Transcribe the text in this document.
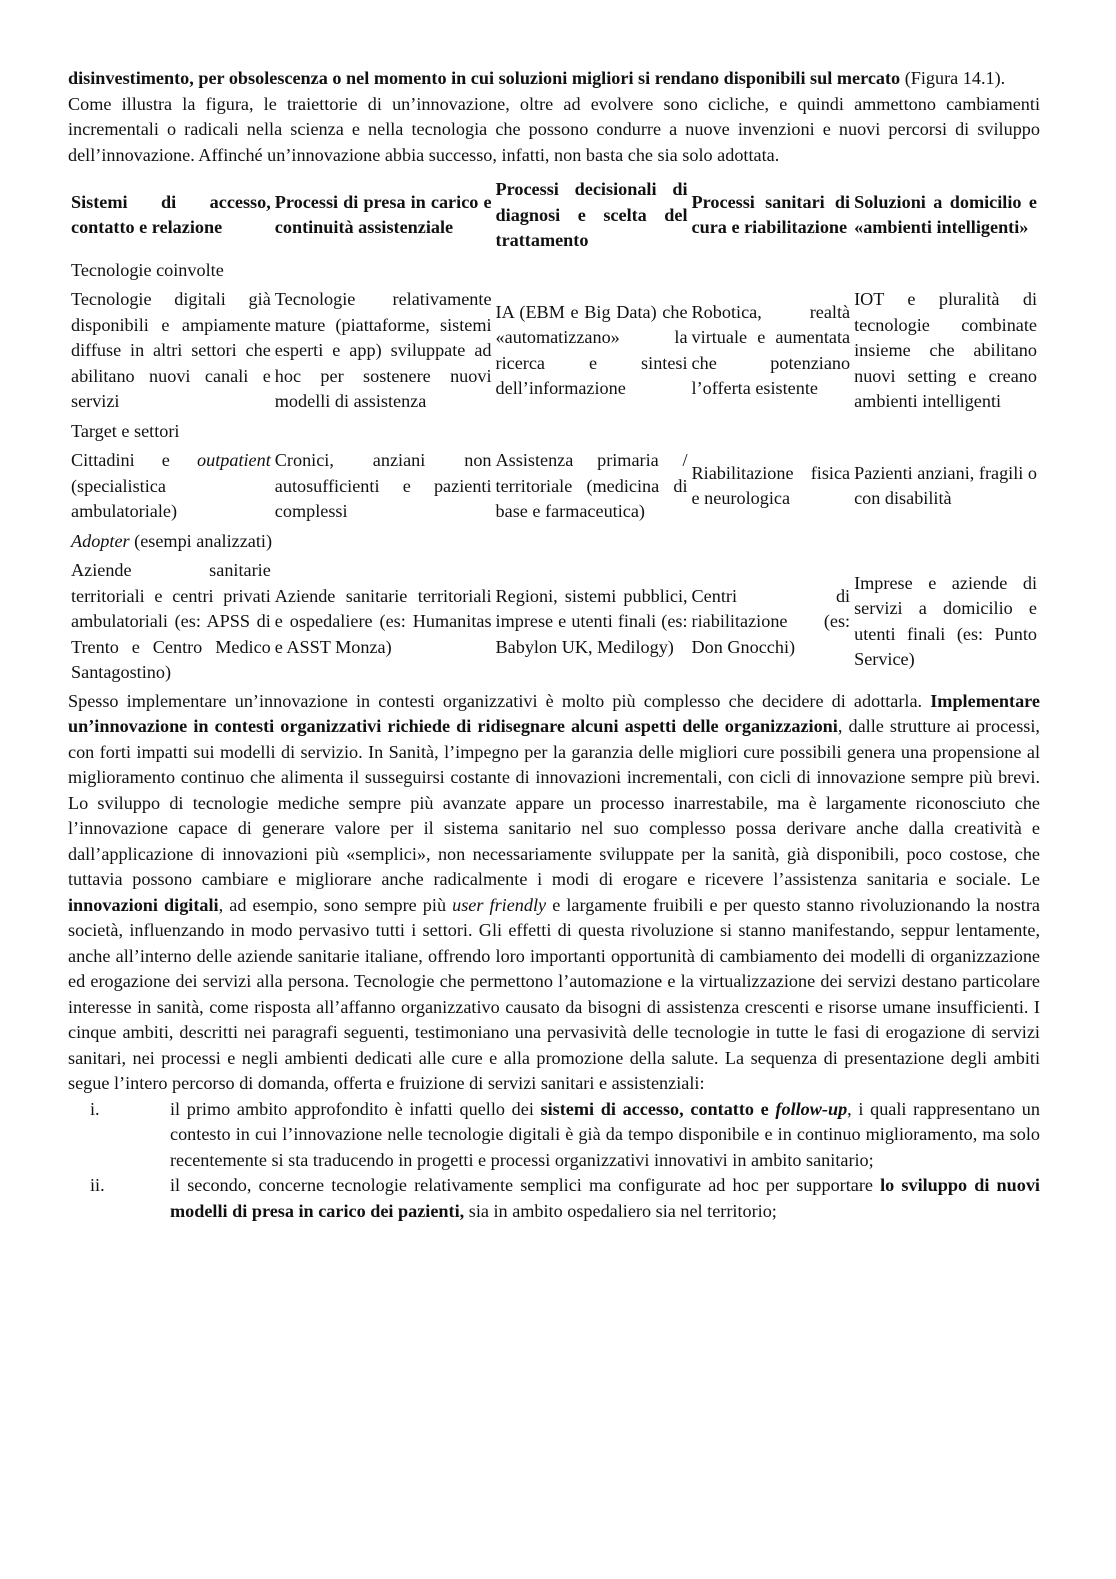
disinvestimento, per obsolescenza o nel momento in cui soluzioni migliori si rendano disponibili sul mercato (Figura 14.1).

Come illustra la figura, le traiettorie di un’innovazione, oltre ad evolvere sono cicliche, e quindi ammettono cambiamenti incrementali o radicali nella scienza e nella tecnologia che possono condurre a nuove invenzioni e nuovi percorsi di sviluppo dell’innovazione. Affinché un’innovazione abbia successo, infatti, non basta che sia solo adottata.

Sistemi di accesso, contatto e relazione	Processi di presa in carico e continuità assistenziale	Processi decisionali di diagnosi e scelta del trattamento	Processi sanitari di cura e riabilitazione	Soluzioni a domicilio e «ambienti intelligenti»
Tecnologie coinvolte				
Tecnologie digitali già disponibili e ampiamente diffuse in altri settori che abilitano nuovi canali e servizi	Tecnologie relativamente mature (piattaforme, sistemi esperti e app) sviluppate ad hoc per sostenere nuovi modelli di assistenza	IA (EBM e Big Data) che «automatizzano» la ricerca e sintesi dell’informazione	Robotica, realtà virtuale e aumentata che potenziano l’offerta esistente	IOT e pluralità di tecnologie combinate insieme che abilitano nuovi setting e creano ambienti intelligenti
Target e settori				
Cittadini e outpatient (specialistica ambulatoriale)	Cronici, anziani non autosufficienti e pazienti complessi	Assistenza primaria / territoriale (medicina di base e farmaceutica)	Riabilitazione fisica e neurologica	Pazienti anziani, fragili o con disabilità
Adopter (esempi analizzati)				
Aziende sanitarie territoriali e centri privati ambulatoriali (es: APSS di Trento e Centro Medico Santagostino)	Aziende sanitarie territoriali e ospedaliere (es: Humanitas e ASST Monza)	Regioni, sistemi pubblici, imprese e utenti finali (es: Babylon UK, Medilogy)	Centri di riabilitazione (es: Don Gnocchi)	Imprese e aziende di servizi a domicilio e utenti finali (es: Punto Service)
Spesso implementare un’innovazione in contesti organizzativi è molto più complesso che decidere di adottarla. Implementare un’innovazione in contesti organizzativi richiede di ridisegnare alcuni aspetti delle organizzazioni, dalle strutture ai processi, con forti impatti sui modelli di servizio. In Sanità, l’impegno per la garanzia delle migliori cure possibili genera una propensione al miglioramento continuo che alimenta il susseguirsi costante di innovazioni incrementali, con cicli di innovazione sempre più brevi. Lo sviluppo di tecnologie mediche sempre più avanzate appare un processo inarrestabile, ma è largamente riconosciuto che l’innovazione capace di generare valore per il sistema sanitario nel suo complesso possa derivare anche dalla creatività e dall’applicazione di innovazioni più «semplici», non necessariamente sviluppate per la sanità, già disponibili, poco costose, che tuttavia possono cambiare e migliorare anche radicalmente i modi di erogare e ricevere l’assistenza sanitaria e sociale. Le innovazioni digitali, ad esempio, sono sempre più user friendly e largamente fruibili e per questo stanno rivoluzionando la nostra società, influenzando in modo pervasivo tutti i settori. Gli effetti di questa rivoluzione si stanno manifestando, seppur lentamente, anche all’interno delle aziende sanitarie italiane, offrendo loro importanti opportunità di cambiamento dei modelli di organizzazione ed erogazione dei servizi alla persona. Tecnologie che permettono l’automazione e la virtualizzazione dei servizi destano particolare interesse in sanità, come risposta all’affanno organizzativo causato da bisogni di assistenza crescenti e risorse umane insufficienti. I cinque ambiti, descritti nei paragrafi seguenti, testimoniano una pervasività delle tecnologie in tutte le fasi di erogazione di servizi sanitari, nei processi e negli ambienti dedicati alle cure e alla promozione della salute. La sequenza di presentazione degli ambiti segue l’intero percorso di domanda, offerta e fruizione di servizi sanitari e assistenziali:

i.	il primo ambito approfondito è infatti quello dei sistemi di accesso, contatto e follow-up, i quali rappresentano un contesto in cui l’innovazione nelle tecnologie digitali è già da tempo disponibile e in continuo miglioramento, ma solo recentemente si sta traducendo in progetti e processi organizzativi innovativi in ambito sanitario;
ii.	il secondo, concerne tecnologie relativamente semplici ma configurate ad hoc per supportare lo sviluppo di nuovi modelli di presa in carico dei pazienti, sia in ambito ospedaliero sia nel territorio;
